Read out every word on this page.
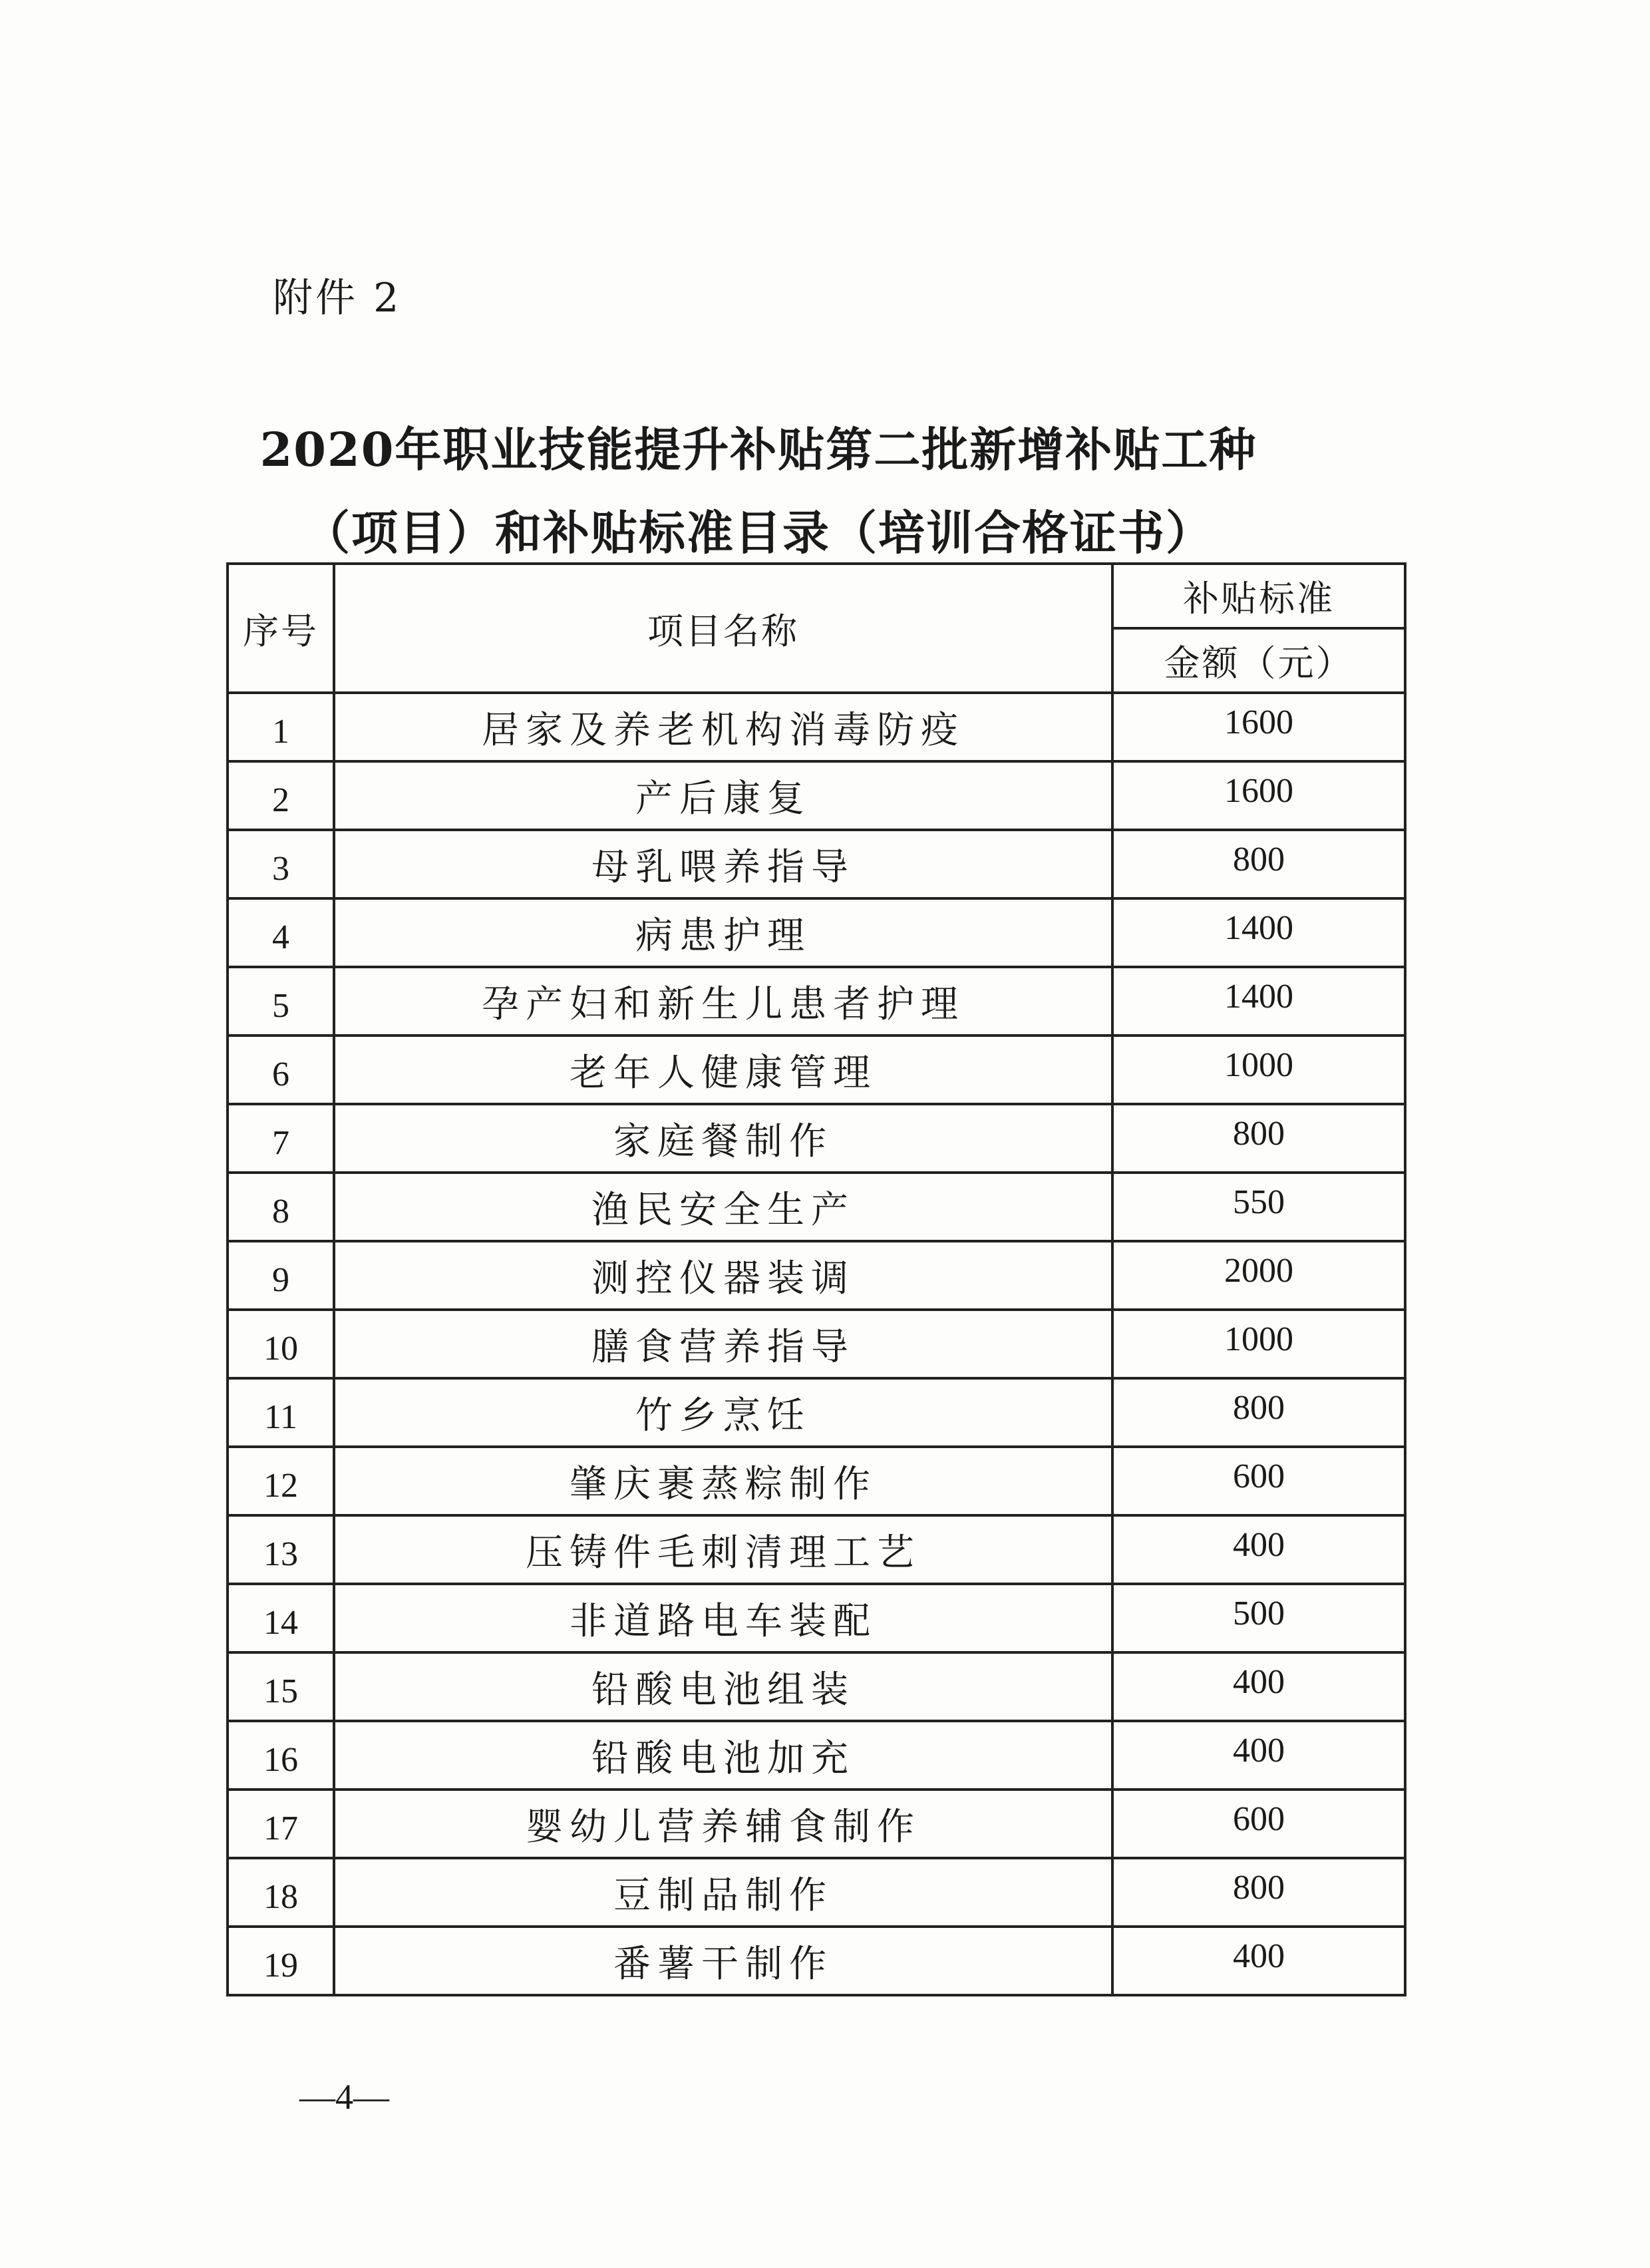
附件 2
2020年职业技能提升补贴第二批新增补贴工种
（项目）和补贴标准目录（培训合格证书）
序号	项目名称	补贴标准
		金额（元）
1	居家及养老机构消毒防疫	1600
2	产后康复	1600
3	母乳喂养指导	800
4	病患护理	1400
5	孕产妇和新生儿患者护理	1400
6	老年人健康管理	1000
7	家庭餐制作	800
8	渔民安全生产	550
9	测控仪器装调	2000
10	膳食营养指导	1000
11	竹乡烹饪	800
12	肇庆裹蒸粽制作	600
13	压铸件毛刺清理工艺	400
14	非道路电车装配	500
15	铅酸电池组装	400
16	铅酸电池加充	400
17	婴幼儿营养辅食制作	600
18	豆制品制作	800
19	番薯干制作	400
—4—
